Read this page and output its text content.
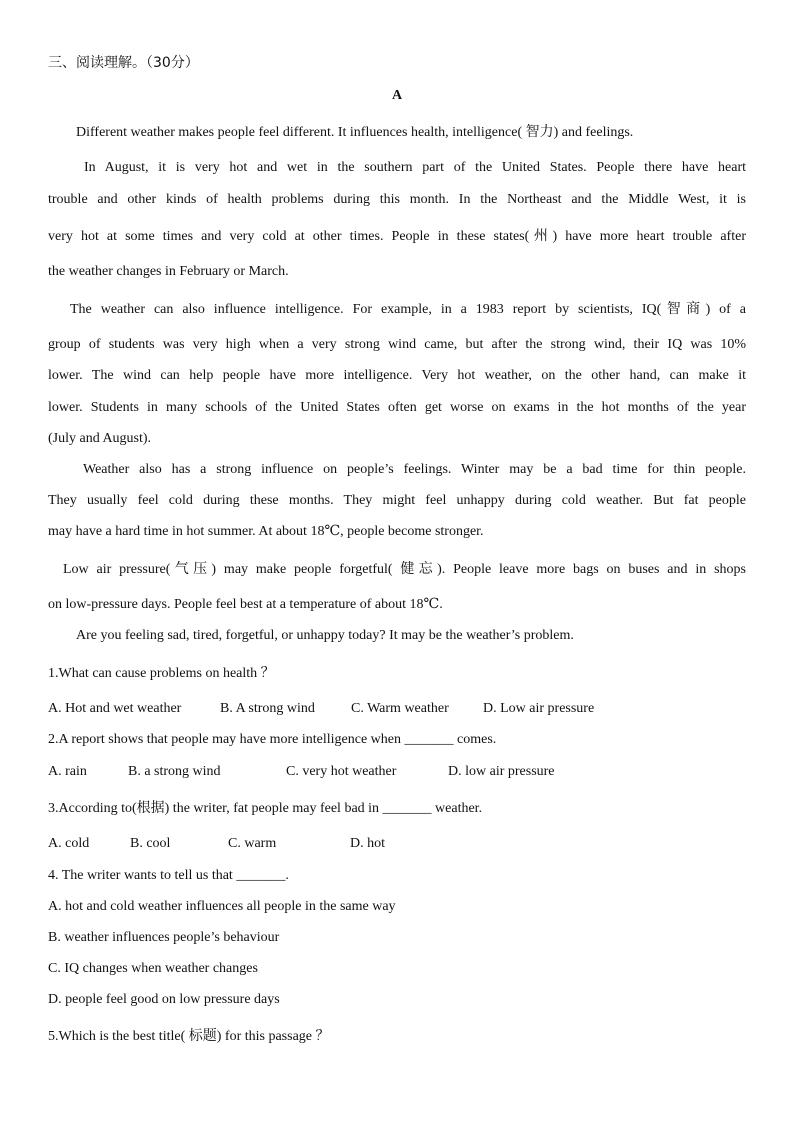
三、阅读理解。（30分）
A
Different weather makes people feel different. It influences health, intelligence( 智力) and feelings.
In August, it is very hot and wet in the southern part of the United States. People there have heart
trouble and other kinds of health problems during this month. In the Northeast and the Middle West, it is
very hot at some times and very cold at other times. People in these states(州) have more heart trouble after
the weather changes in February or March.
The weather can also influence intelligence. For example, in a 1983 report by scientists, IQ(智商) of a
group of students was very high when a very strong wind came, but after the strong wind, their IQ was 10%
lower. The wind can help people have more intelligence. Very hot weather, on the other hand, can make it
lower. Students in many schools of the United States often get worse on exams in the hot months of the year
(July and August).
Weather also has a strong influence on people’s feelings. Winter may be a bad time for thin people.
They usually feel cold during these months. They might feel unhappy during cold weather. But fat people
may have a hard time in hot summer. At about 18℃, people become stronger.
Low air pressure(气压) may make people forgetful( 健忘). People leave more bags on buses and in shops
on low-pressure days. People feel best at a temperature of about 18℃.
Are you feeling sad, tired, forgetful, or unhappy today? It may be the weather’s problem.
1.What can cause problems on health ？
A. Hot and wet weather	B. A strong wind	C. Warm weather D. Low air pressure
2.A report shows that people may have more intelligence when _______ comes.
A. rain	B. a strong wind	C. very hot weather	D. low air pressure
3.According to(根据) the writer, fat people may feel bad in _______ weather.
A. cold	B. cool	C. warm	D. hot
4. The writer wants to tell us that _______.
A. hot and cold weather influences all people in the same way
B. weather influences people’s behaviour
C. IQ changes when weather changes
D. people feel good on low pressure days
5.Which is the best title( 标题) for this passage ？
